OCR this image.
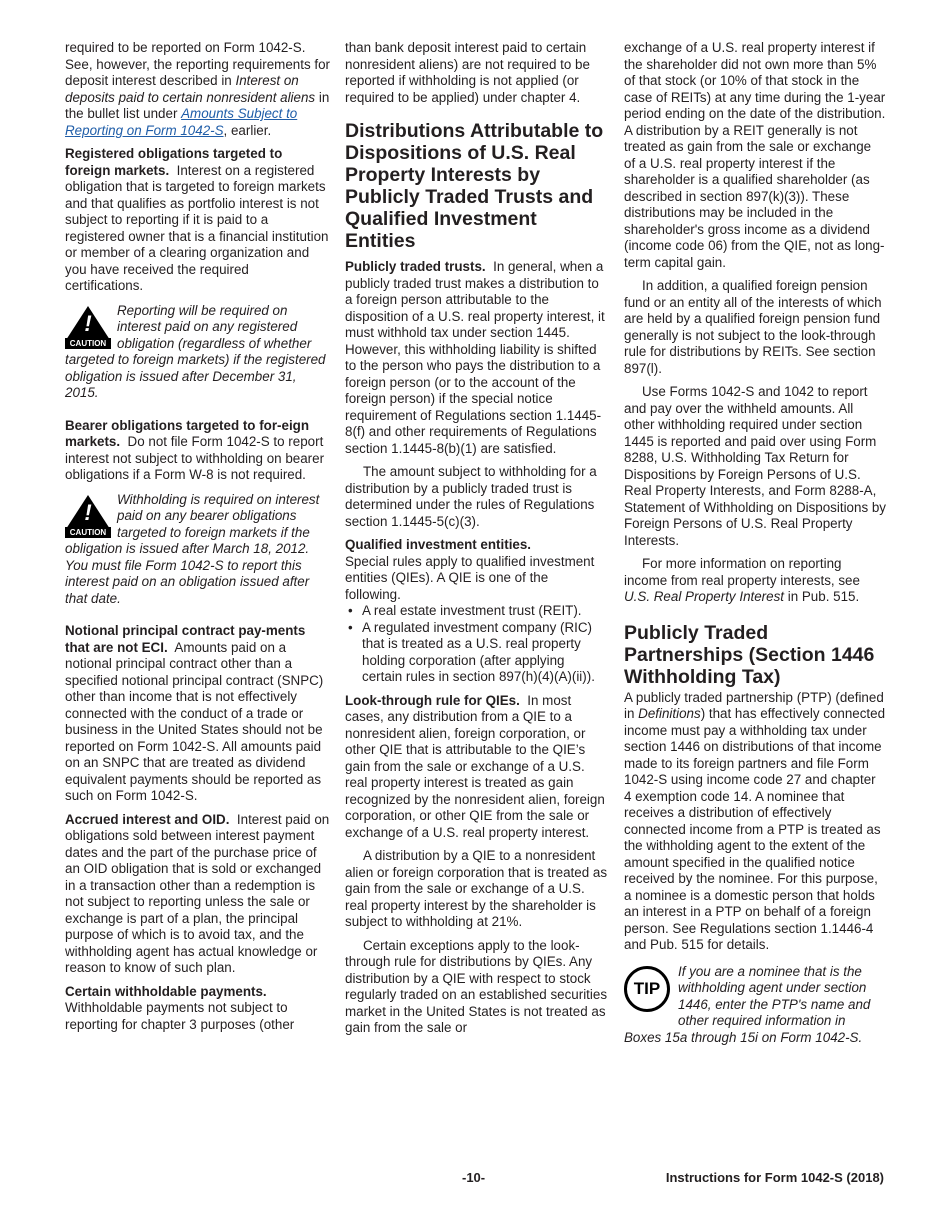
required to be reported on Form 1042-S. See, however, the reporting requirements for deposit interest described in Interest on deposits paid to certain nonresident aliens in the bullet list under Amounts Subject to Reporting on Form 1042-S, earlier.

Registered obligations targeted to foreign markets. Interest on a registered obligation that is targeted to foreign markets and that qualifies as portfolio interest is not subject to reporting if it is paid to a registered owner that is a financial institution or member of a clearing organization and you have received the required certifications.

!
CAUTION
Reporting will be required on interest paid on any registered obligation (regardless of whether targeted to foreign markets) if the registered obligation is issued after December 31, 2015.

Bearer obligations targeted to for-eign markets. Do not file Form 1042-S to report interest not subject to withholding on bearer obligations if a Form W-8 is not required.

!
CAUTION
Withholding is required on interest paid on any bearer obligations targeted to foreign markets if the obligation is issued after March 18, 2012. You must file Form 1042-S to report this interest paid on an obligation issued after that date.

Notional principal contract pay-ments that are not ECI. Amounts paid on a notional principal contract other than a specified notional principal contract (SNPC) other than income that is not effectively connected with the conduct of a trade or business in the United States should not be reported on Form 1042-S. All amounts paid on an SNPC that are treated as dividend equivalent payments should be reported as such on Form 1042-S.

Accrued interest and OID. Interest paid on obligations sold between interest payment dates and the part of the purchase price of an OID obligation that is sold or exchanged in a transaction other than a redemption is not subject to reporting unless the sale or exchange is part of a plan, the principal purpose of which is to avoid tax, and the withholding agent has actual knowledge or reason to know of such plan.

Certain withholdable payments.
Withholdable payments not subject to reporting for chapter 3 purposes (other

than bank deposit interest paid to certain nonresident aliens) are not required to be reported if withholding is not applied (or required to be applied) under chapter 4.

Distributions Attributable to Dispositions of U.S. Real Property Interests by Publicly Traded Trusts and Qualified Investment Entities

Publicly traded trusts. In general, when a publicly traded trust makes a distribution to a foreign person attributable to the disposition of a U.S. real property interest, it must withhold tax under section 1445. However, this withholding liability is shifted to the person who pays the distribution to a foreign person (or to the account of the foreign person) if the special notice requirement of Regulations section 1.1445-8(f) and other requirements of Regulations section 1.1445-8(b)(1) are satisfied.

The amount subject to withholding for a distribution by a publicly traded trust is determined under the rules of Regulations section 1.1445-5(c)(3).

Qualified investment entities.
Special rules apply to qualified investment entities (QIEs). A QIE is one of the following.

• A real estate investment trust (REIT).
• A regulated investment company (RIC) that is treated as a U.S. real property holding corporation (after applying certain rules in section 897(h)(4)(A)(ii)).

Look-through rule for QIEs. In most cases, any distribution from a QIE to a nonresident alien, foreign corporation, or other QIE that is attributable to the QIE’s gain from the sale or exchange of a U.S. real property interest is treated as gain recognized by the nonresident alien, foreign corporation, or other QIE from the sale or exchange of a U.S. real property interest.

A distribution by a QIE to a nonresident alien or foreign corporation that is treated as gain from the sale or exchange of a U.S. real property interest by the shareholder is subject to withholding at 21%.

Certain exceptions apply to the look-through rule for distributions by QIEs. Any distribution by a QIE with respect to stock regularly traded on an established securities market in the United States is not treated as gain from the sale or

exchange of a U.S. real property interest if the shareholder did not own more than 5% of that stock (or 10% of that stock in the case of REITs) at any time during the 1-year period ending on the date of the distribution. A distribution by a REIT generally is not treated as gain from the sale or exchange of a U.S. real property interest if the shareholder is a qualified shareholder (as described in section 897(k)(3)). These distributions may be included in the shareholder's gross income as a dividend (income code 06) from the QIE, not as long-term capital gain.

In addition, a qualified foreign pension fund or an entity all of the interests of which are held by a qualified foreign pension fund generally is not subject to the look-through rule for distributions by REITs. See section 897(l).

Use Forms 1042-S and 1042 to report and pay over the withheld amounts. All other withholding required under section 1445 is reported and paid over using Form 8288, U.S. Withholding Tax Return for Dispositions by Foreign Persons of U.S. Real Property Interests, and Form 8288-A, Statement of Withholding on Dispositions by Foreign Persons of U.S. Real Property Interests.

For more information on reporting income from real property interests, see U.S. Real Property Interest in Pub. 515.

Publicly Traded Partnerships (Section 1446 Withholding Tax)

A publicly traded partnership (PTP) (defined in Definitions) that has effectively connected income must pay a withholding tax under section 1446 on distributions of that income made to its foreign partners and file Form 1042-S using income code 27 and chapter 4 exemption code 14. A nominee that receives a distribution of effectively connected income from a PTP is treated as the withholding agent to the extent of the amount specified in the qualified notice received by the nominee. For this purpose, a nominee is a domestic person that holds an interest in a PTP on behalf of a foreign person. See Regulations section 1.1446-4 and Pub. 515 for details.

TIP
If you are a nominee that is the withholding agent under section 1446, enter the PTP's name and other required information in Boxes 15a through 15i on Form 1042-S.
-10-	Instructions for Form 1042-S (2018)
